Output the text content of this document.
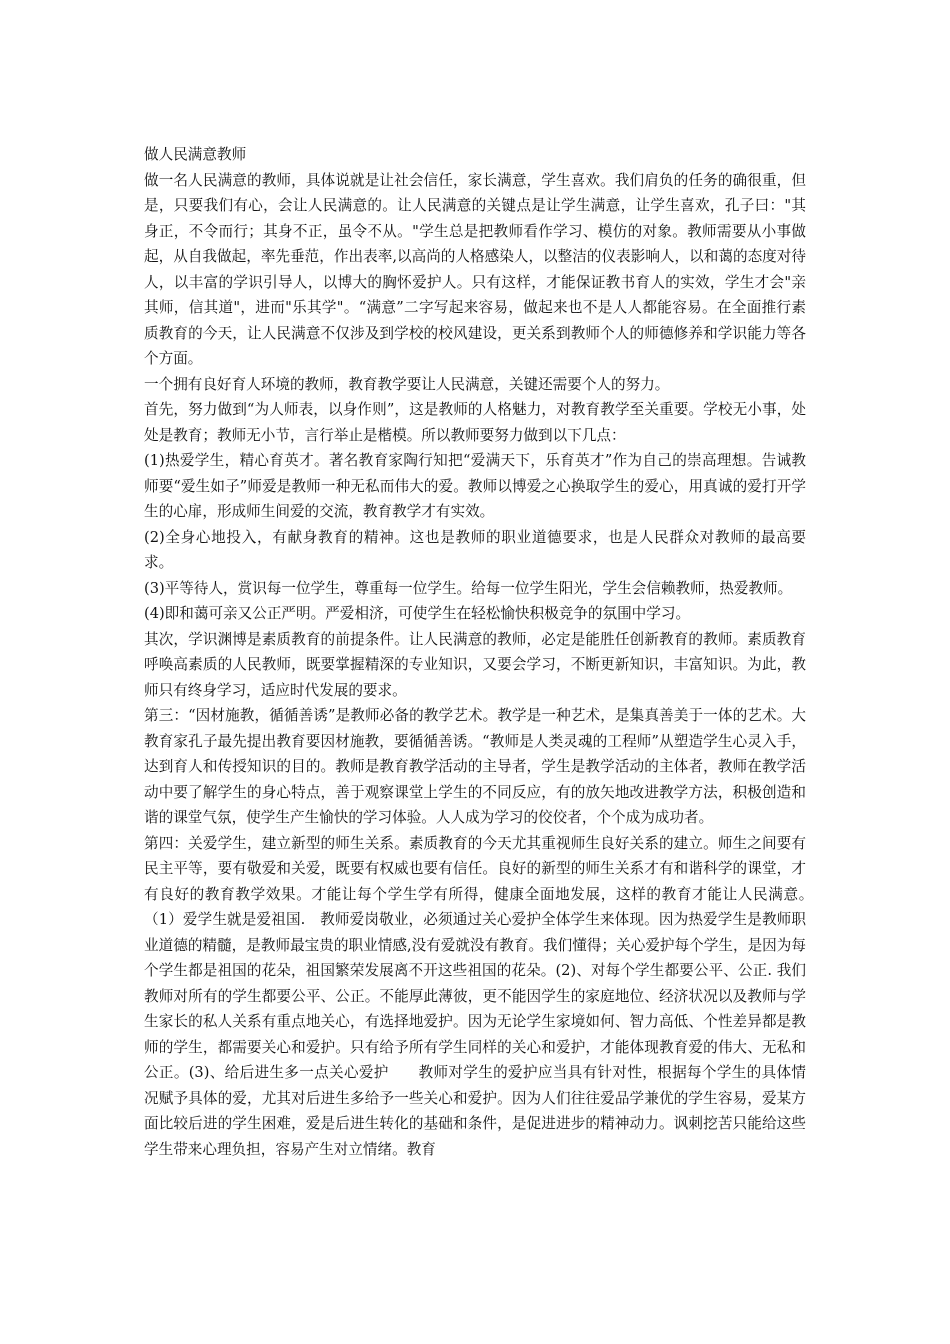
做人民满意教师

做一名人民满意的教师，具体说就是让社会信任，家长满意，学生喜欢。我们肩负的任务的确很重，但是，只要我们有心，会让人民满意的。让人民满意的关键点是让学生满意，让学生喜欢，孔子曰："其身正，不令而行；其身不正，虽令不从。"学生总是把教师看作学习、模仿的对象。教师需要从小事做起，从自我做起，率先垂范，作出表率,以高尚的人格感染人，以整洁的仪表影响人，以和蔼的态度对待人，以丰富的学识引导人，以博大的胸怀爱护人。只有这样，才能保证教书育人的实效，学生才会"亲其师，信其道"，进而"乐其学"。“满意”二字写起来容易，做起来也不是人人都能容易。在全面推行素质教育的今天，让人民满意不仅涉及到学校的校风建设，更关系到教师个人的师德修养和学识能力等各个方面。

一个拥有良好育人环境的教师，教育教学要让人民满意，关键还需要个人的努力。

首先，努力做到“为人师表，以身作则”，这是教师的人格魅力，对教育教学至关重要。学校无小事，处处是教育；教师无小节，言行举止是楷模。所以教师要努力做到以下几点：

(1)热爱学生，精心育英才。著名教育家陶行知把“爱满天下，乐育英才”作为自己的崇高理想。告诫教师要“爱生如子”师爱是教师一种无私而伟大的爱。教师以博爱之心换取学生的爱心，用真诚的爱打开学生的心扉，形成师生间爱的交流，教育教学才有实效。

(2)全身心地投入，有献身教育的精神。这也是教师的职业道德要求，也是人民群众对教师的最高要求。

(3)平等待人，赏识每一位学生，尊重每一位学生。给每一位学生阳光，学生会信赖教师，热爱教师。

(4)即和蔼可亲又公正严明。严爱相济，可使学生在轻松愉快积极竞争的氛围中学习。

其次，学识渊博是素质教育的前提条件。让人民满意的教师，必定是能胜任创新教育的教师。素质教育呼唤高素质的人民教师，既要掌握精深的专业知识，又要会学习，不断更新知识，丰富知识。为此，教师只有终身学习，适应时代发展的要求。

第三：“因材施教，循循善诱”是教师必备的教学艺术。教学是一种艺术，是集真善美于一体的艺术。大教育家孔子最先提出教育要因材施教，要循循善诱。“教师是人类灵魂的工程师”从塑造学生心灵入手，达到育人和传授知识的目的。教师是教育教学活动的主导者，学生是教学活动的主体者，教师在教学活动中要了解学生的身心特点，善于观察课堂上学生的不同反应，有的放矢地改进教学方法，积极创造和谐的课堂气氛，使学生产生愉快的学习体验。人人成为学习的佼佼者，个个成为成功者。

第四：关爱学生，建立新型的师生关系。素质教育的今天尤其重视师生良好关系的建立。师生之间要有民主平等，要有敬爱和关爱，既要有权威也要有信任。良好的新型的师生关系才有和谐科学的课堂，才有良好的教育教学效果。才能让每个学生学有所得，健康全面地发展，这样的教育才能让人民满意。　（1）爱学生就是爱祖国.　教师爱岗敬业，必须通过关心爱护全体学生来体现。因为热爱学生是教师职业道德的精髓，是教师最宝贵的职业情感,没有爱就没有教育。我们懂得；关心爱护每个学生，是因为每个学生都是祖国的花朵，祖国繁荣发展离不开这些祖国的花朵。(2)、对每个学生都要公平、公正. 我们教师对所有的学生都要公平、公正。不能厚此薄彼，更不能因学生的家庭地位、经济状况以及教师与学生家长的私人关系有重点地关心，有选择地爱护。因为无论学生家境如何、智力高低、个性差异都是教师的学生，都需要关心和爱护。只有给予所有学生同样的关心和爱护，才能体现教育爱的伟大、无私和公正。(3)、给后进生多一点关心爱护　　教师对学生的爱护应当具有针对性，根据每个学生的具体情况赋予具体的爱，尤其对后进生多给予一些关心和爱护。因为人们往往爱品学兼优的学生容易，爱某方面比较后进的学生困难，爱是后进生转化的基础和条件，是促进进步的精神动力。讽刺挖苦只能给这些学生带来心理负担，容易产生对立情绪。教育
